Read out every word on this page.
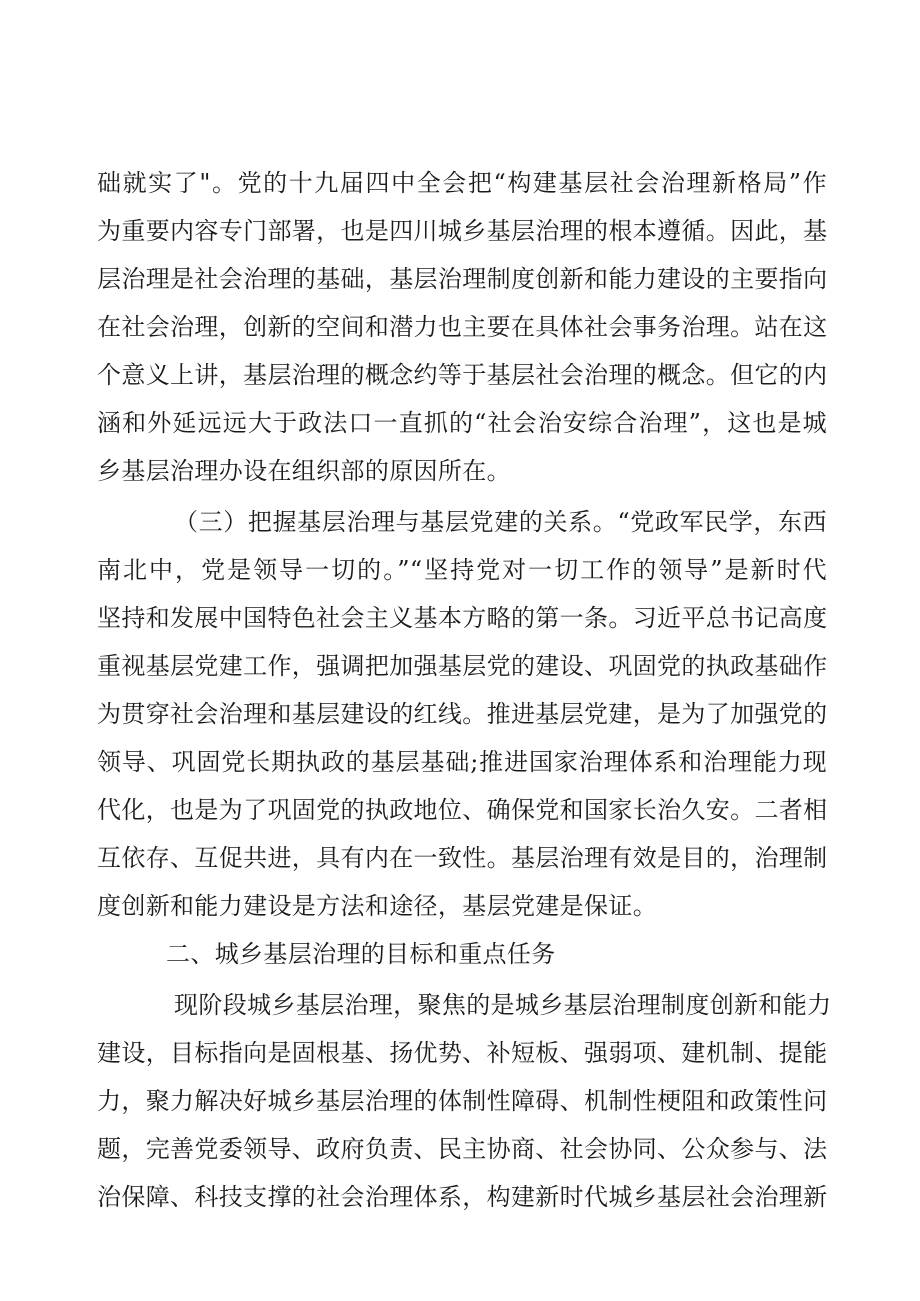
础就实了"。党的十九届四中全会把“构建基层社会治理新格局”作
为重要内容专门部署，也是四川城乡基层治理的根本遵循。因此，基
层治理是社会治理的基础，基层治理制度创新和能力建设的主要指向
在社会治理，创新的空间和潜力也主要在具体社会事务治理。站在这
个意义上讲，基层治理的概念约等于基层社会治理的概念。但它的内
涵和外延远远大于政法口一直抓的“社会治安综合治理”，这也是城
乡基层治理办设在组织部的原因所在。
（三）把握基层治理与基层党建的关系。“党政军民学，东西
南北中，党是领导一切的。”“坚持党对一切工作的领导”是新时代
坚持和发展中国特色社会主义基本方略的第一条。习近平总书记高度
重视基层党建工作，强调把加强基层党的建设、巩固党的执政基础作
为贯穿社会治理和基层建设的红线。推进基层党建，是为了加强党的
领导、巩固党长期执政的基层基础;推进国家治理体系和治理能力现
代化，也是为了巩固党的执政地位、确保党和国家长治久安。二者相
互依存、互促共进，具有内在一致性。基层治理有效是目的，治理制
度创新和能力建设是方法和途径，基层党建是保证。
二、城乡基层治理的目标和重点任务
现阶段城乡基层治理，聚焦的是城乡基层治理制度创新和能力
建设，目标指向是固根基、扬优势、补短板、强弱项、建机制、提能
力，聚力解决好城乡基层治理的体制性障碍、机制性梗阻和政策性问
题，完善党委领导、政府负责、民主协商、社会协同、公众参与、法
治保障、科技支撑的社会治理体系，构建新时代城乡基层社会治理新
